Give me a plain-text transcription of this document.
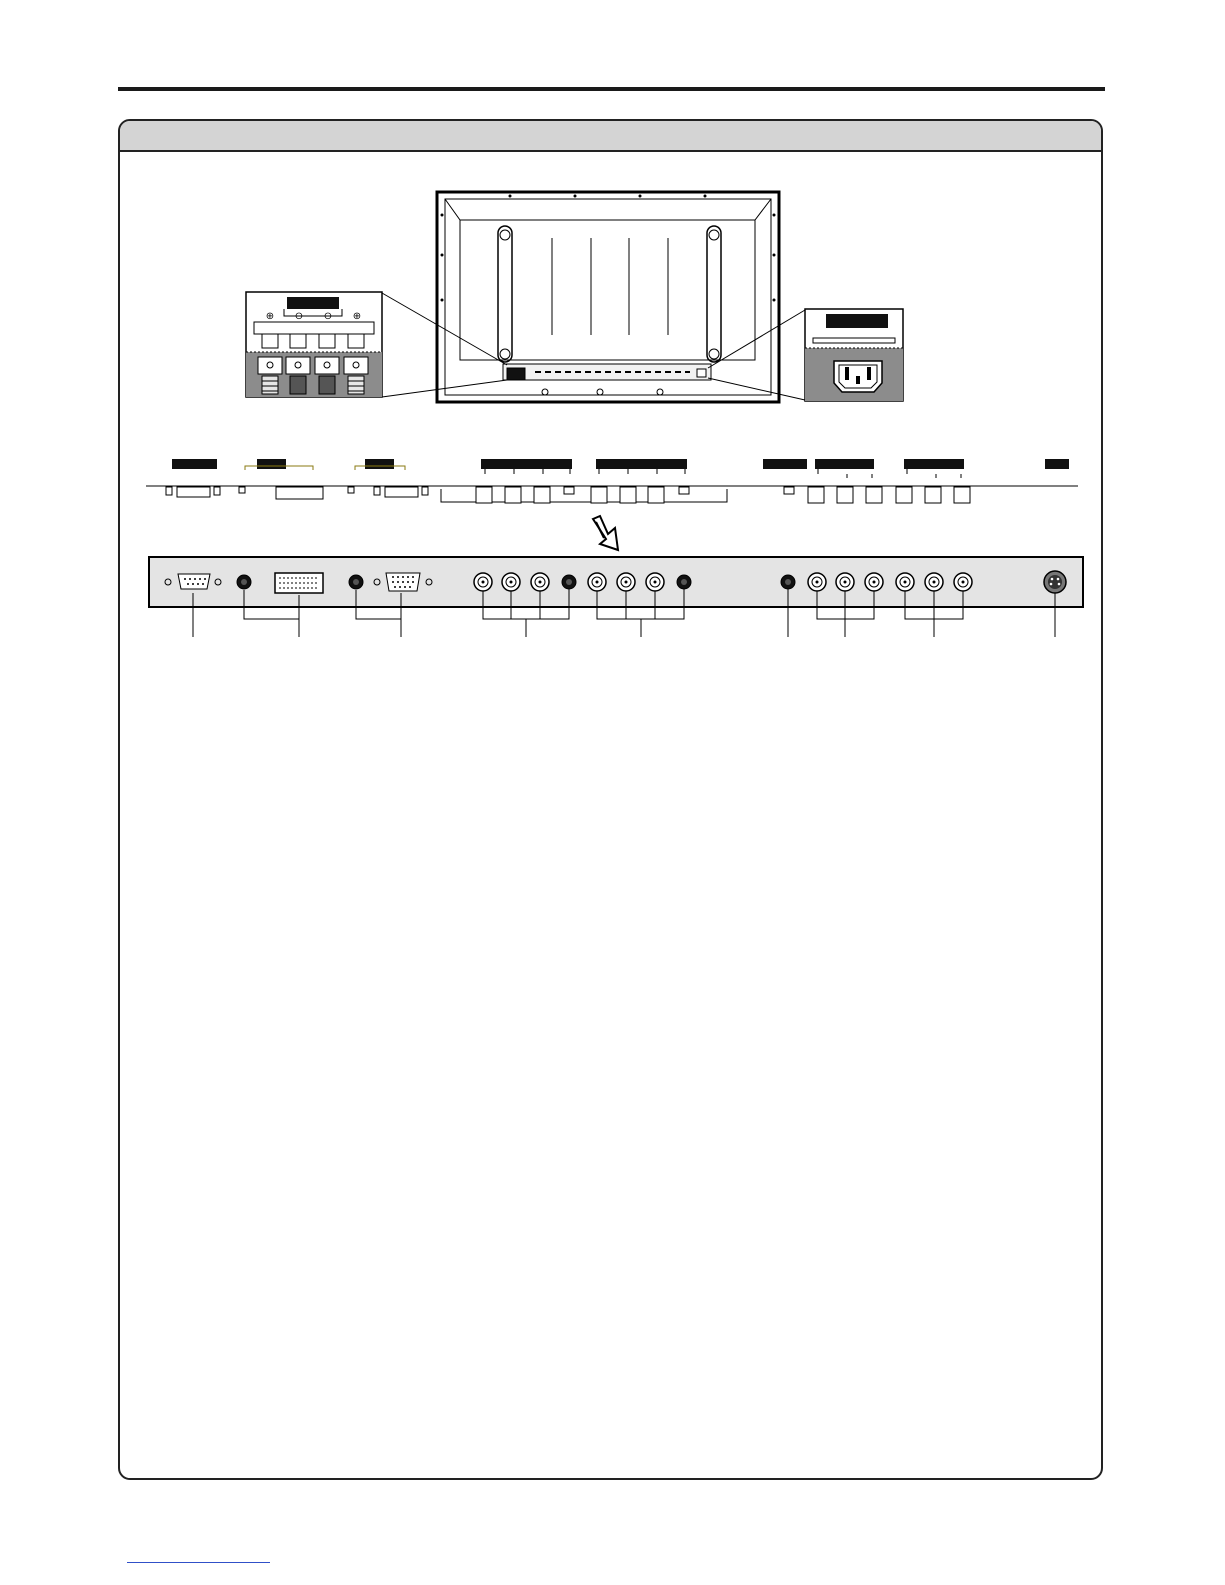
⊕ ⊖ ⊖ ⊕
